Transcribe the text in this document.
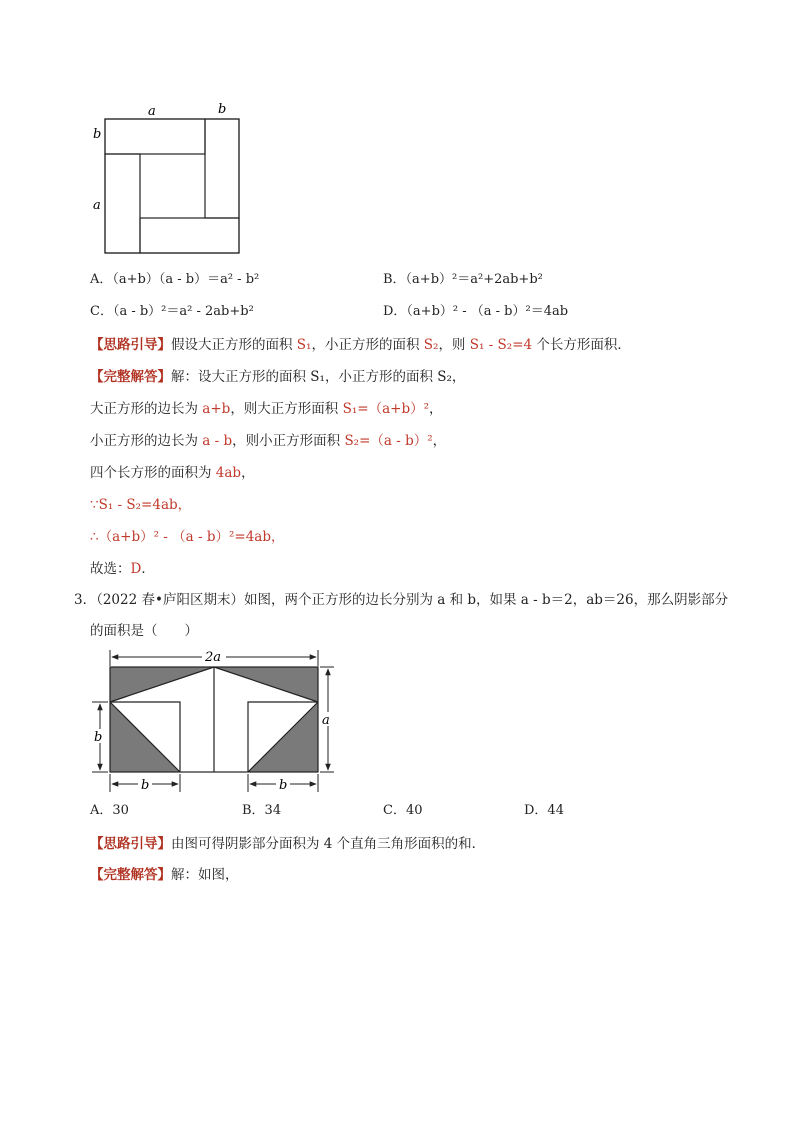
a	b
b
a
A．（a+b）（a - b）＝a² - b²	B．（a+b）²＝a²+2ab+b²
C．（a - b）²＝a² - 2ab+b²	D．（a+b）² - （a - b）²＝4ab
【思路引导】假设大正方形的面积 S₁，小正方形的面积 S₂，则 S₁ - S₂=4 个长方形面积．
【完整解答】解：设大正方形的面积 S₁，小正方形的面积 S₂，
大正方形的边长为 a+b，则大正方形面积 S₁=（a+b）²，
小正方形的边长为 a - b，则小正方形面积 S₂=（a - b）²，
四个长方形的面积为 4ab，
∵S₁ - S₂=4ab，
∴（a+b）² - （a - b）²=4ab，
故选：D．
3．（2022 春•庐阳区期末）如图，两个正方形的边长分别为 a 和 b，如果 a - b＝2，ab＝26，那么阴影部分
的面积是（　　）
2a
b
a
b	b
A．30	B．34	C．40	D．44
【思路引导】由图可得阴影部分面积为 4 个直角三角形面积的和．
【完整解答】解：如图，
